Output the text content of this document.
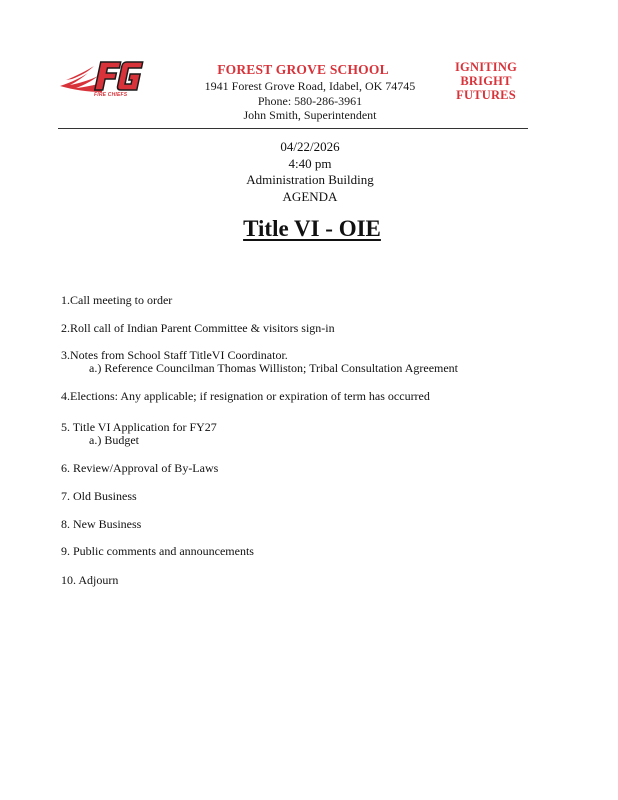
FIRE CHIEFS
FOREST GROVE SCHOOL
1941 Forest Grove Road, Idabel, OK 74745
Phone: 580-286-3961
John Smith, Superintendent
IGNITING
BRIGHT
FUTURES
04/22/2026
4:40 pm
Administration Building
AGENDA
Title VI - OIE
1.Call meeting to order
2.Roll call of Indian Parent Committee & visitors sign-in
3.Notes from School Staff TitleVI Coordinator.
a.) Reference Councilman Thomas Williston; Tribal Consultation Agreement
4.Elections: Any applicable; if resignation or expiration of term has occurred
5. Title VI Application for FY27
a.) Budget
6. Review/Approval of By-Laws
7. Old Business
8. New Business
9. Public comments and announcements
10. Adjourn
